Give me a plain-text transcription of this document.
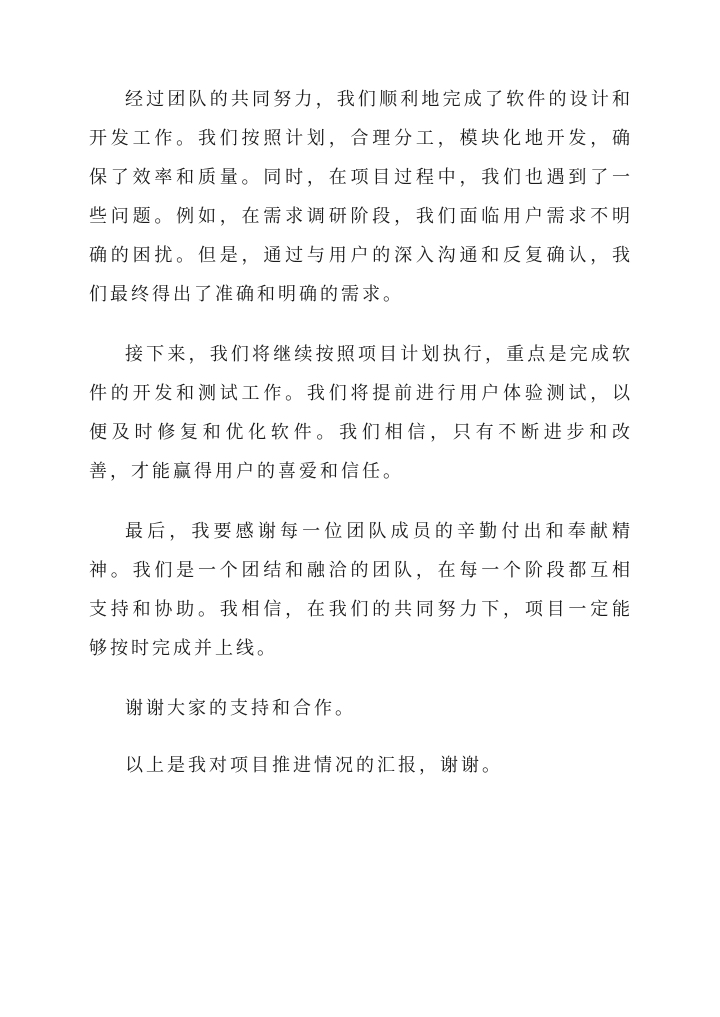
经过团队的共同努力，我们顺利地完成了软件的设计和开发工作。我们按照计划，合理分工，模块化地开发，确保了效率和质量。同时，在项目过程中，我们也遇到了一些问题。例如，在需求调研阶段，我们面临用户需求不明确的困扰。但是，通过与用户的深入沟通和反复确认，我们最终得出了准确和明确的需求。

接下来，我们将继续按照项目计划执行，重点是完成软件的开发和测试工作。我们将提前进行用户体验测试，以便及时修复和优化软件。我们相信，只有不断进步和改善，才能赢得用户的喜爱和信任。

最后，我要感谢每一位团队成员的辛勤付出和奉献精神。我们是一个团结和融洽的团队，在每一个阶段都互相支持和协助。我相信，在我们的共同努力下，项目一定能够按时完成并上线。

谢谢大家的支持和合作。

以上是我对项目推进情况的汇报，谢谢。
